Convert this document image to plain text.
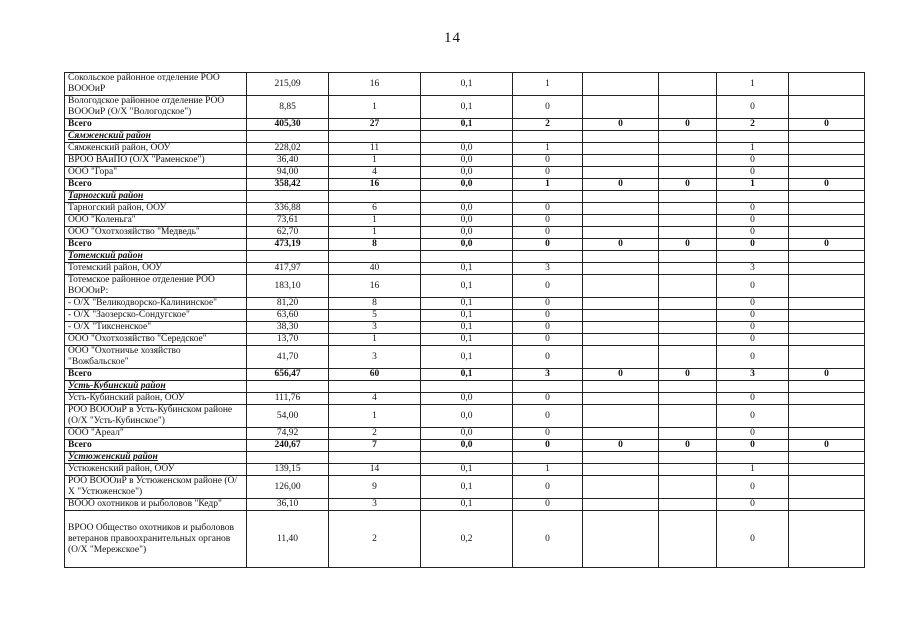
14
Сокольское районное отделение РОО ВОООиР	215,09	16	0,1	1			1	
Вологодское районное отделение РОО ВОООиР (О/Х "Вологодское")	8,85	1	0,1	0			0	
Всего	405,30	27	0,1	2	0	0	2	0
Сямженский район								
Сямженский район, ООУ	228,02	11	0,0	1			1	
ВРОО ВАиПО (О/Х "Раменское")	36,40	1	0,0	0			0	
ООО "Гора"	94,00	4	0,0	0			0	
Всего	358,42	16	0,0	1	0	0	1	0
Тарногский район								
Тарногский район, ООУ	336,88	6	0,0	0			0	
ООО "Коленьга"	73,61	1	0,0	0			0	
ООО "Охотхозяйство "Медведь"	62,70	1	0,0	0			0	
Всего	473,19	8	0,0	0	0	0	0	0
Тотемский район								
Тотемский район, ООУ	417,97	40	0,1	3			3	
Тотемское районное отделение РОО ВОООиР:	183,10	16	0,1	0			0	
- О/Х "Великодворско-Калининское"	81,20	8	0,1	0			0	
- О/Х "Заозерско-Сондугское"	63,60	5	0,1	0			0	
- О/Х "Тиксненское"	38,30	3	0,1	0			0	
ООО "Охотхозяйство "Середское"	13,70	1	0,1	0			0	
ООО "Охотничье хозяйство "Вожбальское"	41,70	3	0,1	0			0	
Всего	656,47	60	0,1	3	0	0	3	0
Усть-Кубинский район								
Усть-Кубинский район, ООУ	111,76	4	0,0	0			0	
РОО ВОООиР в Усть-Кубинском районе (О/Х "Усть-Кубинское")	54,00	1	0,0	0			0	
ООО "Ареал"	74,92	2	0,0	0			0	
Всего	240,67	7	0,0	0	0	0	0	0
Устюженский район								
Устюженский район, ООУ	139,15	14	0,1	1			1	
РОО ВОООиР в Устюженском районе (О/Х "Устюженское")	126,00	9	0,1	0			0	
ВООО охотников и рыболовов "Кедр"	36,10	3	0,1	0			0	
ВРОО Общество охотников и рыболовов ветеранов правоохранительных органов (О/Х "Мережское")	11,40	2	0,2	0			0	
